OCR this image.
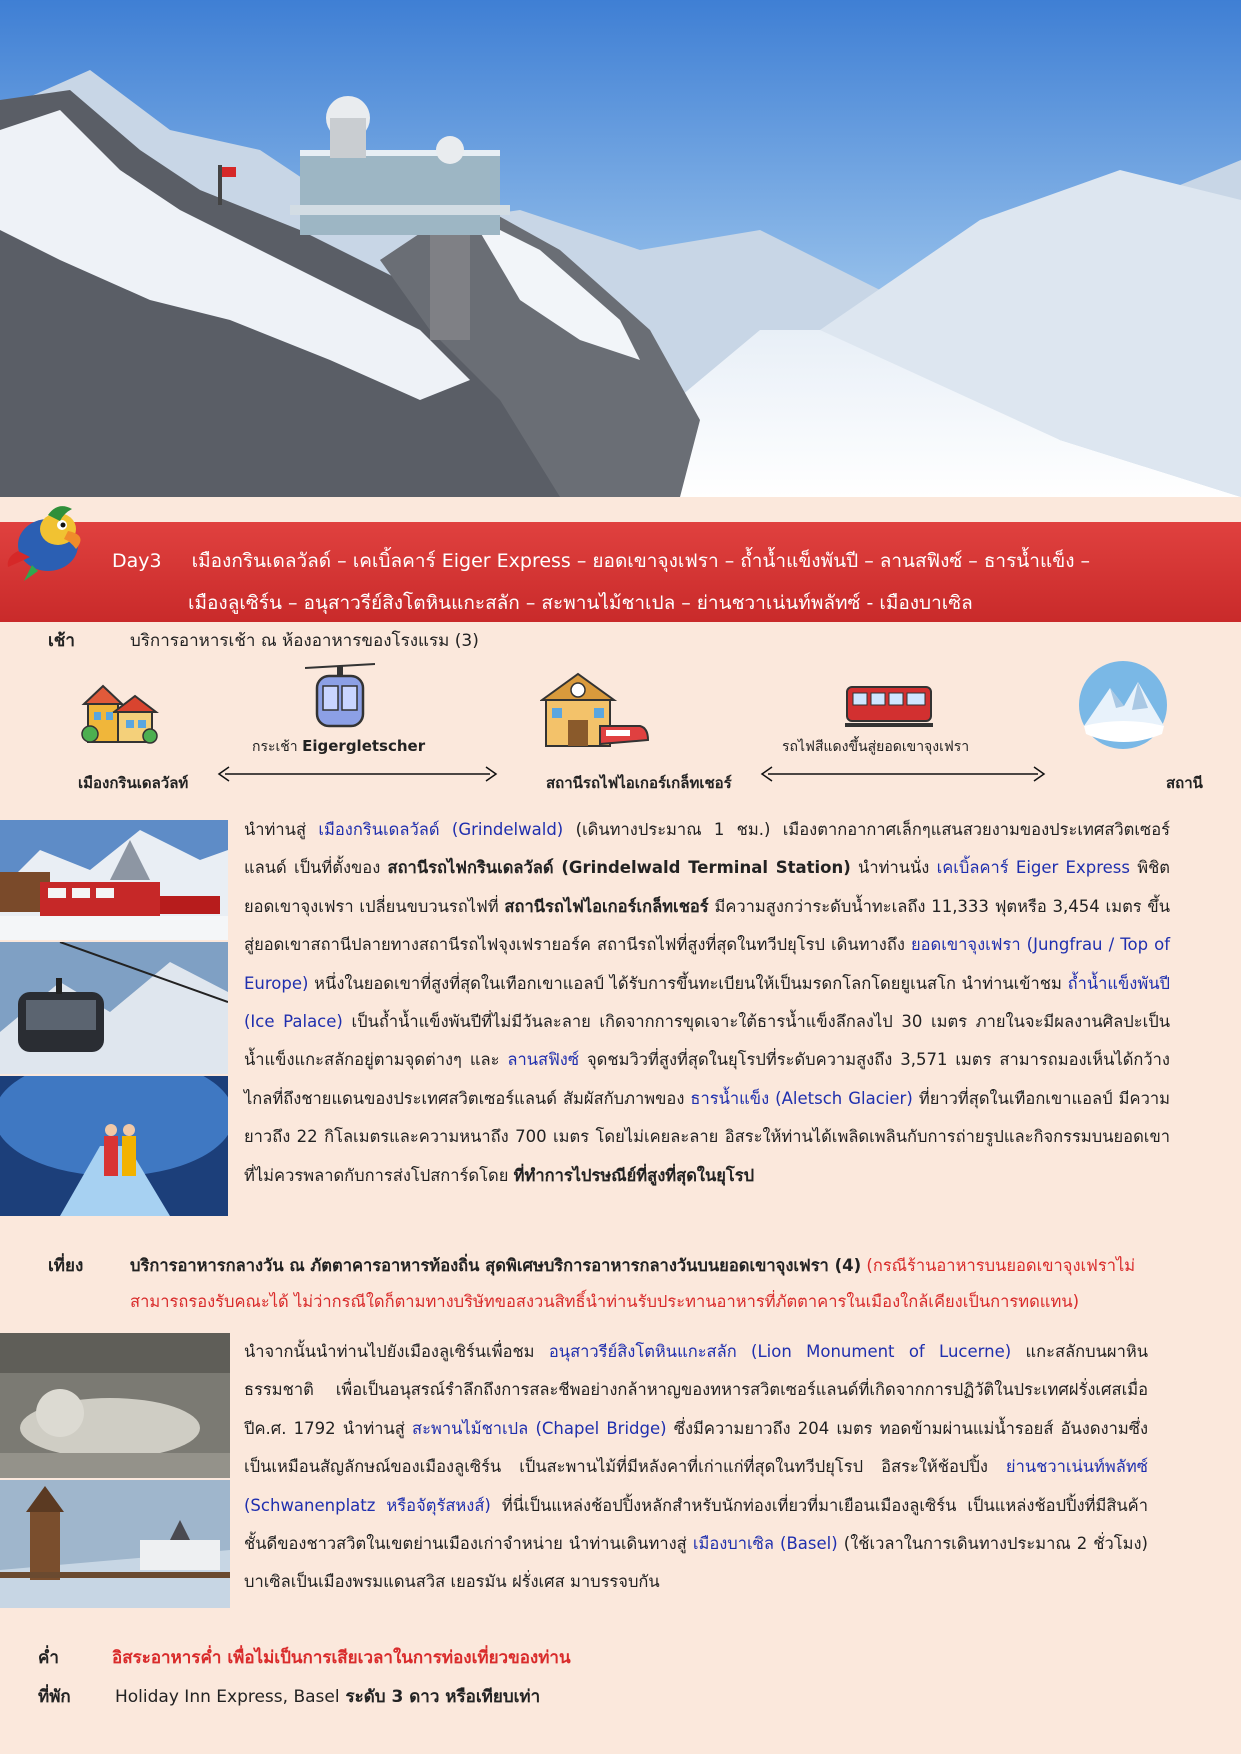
Day3 เมืองกรินเดลวัลด์ – เคเบิ้ลคาร์ Eiger Express – ยอดเขาจุงเฟรา – ถ้ำน้ำแข็งพันปี – ลานสฟิงซ์ – ธารน้ำแข็ง –
เมืองลูเซิร์น – อนุสาวรีย์สิงโตหินแกะสลัก – สะพานไม้ชาเปล – ย่านชวาเน่นท์พลัทซ์ - เมืองบาเซิล
เช้า	บริการอาหารเช้า ณ ห้องอาหารของโรงแรม (3)
กระเช้า Eigergletscher	รถไฟสีแดงขึ้นสู่ยอดเขาจุงเฟรา
เมืองกรินเดลวัลท์	สถานีรถไฟไอเกอร์เกล็ทเชอร์	สถานี
นำท่านสู่ เมืองกรินเดลวัลด์ (Grindelwald) (เดินทางประมาณ 1 ชม.) เมืองตากอากาศเล็กๆแสนสวยงามของประเทศสวิตเซอร์แลนด์ เป็นที่ตั้งของ สถานีรถไฟกรินเดลวัลด์ (Grindelwald Terminal Station) นำท่านนั่ง เคเบิ้ลคาร์ Eiger Express พิชิตยอดเขาจุงเฟรา เปลี่ยนขบวนรถไฟที่ สถานีรถไฟไอเกอร์เกล็ทเชอร์ มีความสูงกว่าระดับน้ำทะเลถึง 11,333 ฟุตหรือ 3,454 เมตร ขึ้นสู่ยอดเขาสถานีปลายทางสถานีรถไฟจุงเฟรายอร์ค สถานีรถไฟที่สูงที่สุดในทวีปยุโรป เดินทางถึง ยอดเขาจุงเฟรา (Jungfrau / Top of Europe) หนึ่งในยอดเขาที่สูงที่สุดในเทือกเขาแอลป์ ได้รับการขึ้นทะเบียนให้เป็นมรดกโลกโดยยูเนสโก นำท่านเข้าชม ถ้ำน้ำแข็งพันปี (Ice Palace) เป็นถ้ำน้ำแข็งพันปีที่ไม่มีวันละลาย เกิดจากการขุดเจาะใต้ธารน้ำแข็งลึกลงไป 30 เมตร ภายในจะมีผลงานศิลปะเป็นน้ำแข็งแกะสลักอยู่ตามจุดต่างๆ และ ลานสฟิงซ์ จุดชมวิวที่สูงที่สุดในยุโรปที่ระดับความสูงถึง 3,571 เมตร สามารถมองเห็นได้กว้างไกลที่ถึงชายแดนของประเทศสวิตเซอร์แลนด์ สัมผัสกับภาพของ ธารน้ำแข็ง (Aletsch Glacier) ที่ยาวที่สุดในเทือกเขาแอลป์ มีความยาวถึง 22 กิโลเมตรและความหนาถึง 700 เมตร โดยไม่เคยละลาย อิสระให้ท่านได้เพลิดเพลินกับการถ่ายรูปและกิจกรรมบนยอดเขาที่ไม่ควรพลาดกับการส่งโปสการ์ดโดย ที่ทำการไปรษณีย์ที่สูงที่สุดในยุโรป
เที่ยง	บริการอาหารกลางวัน ณ ภัตตาคารอาหารท้องถิ่น สุดพิเศษบริการอาหารกลางวันบนยอดเขาจุงเฟรา (4) (กรณีร้านอาหารบนยอดเขาจุงเฟราไม่สามารถรองรับคณะได้ ไม่ว่ากรณีใดก็ตามทางบริษัทขอสงวนสิทธิ์นำท่านรับประทานอาหารที่ภัตตาคารในเมืองใกล้เคียงเป็นการทดแทน)
นำจากนั้นนำท่านไปยังเมืองลูเซิร์นเพื่อชม อนุสาวรีย์สิงโตหินแกะสลัก (Lion Monument of Lucerne) แกะสลักบนผาหินธรรมชาติ เพื่อเป็นอนุสรณ์รำลึกถึงการสละชีพอย่างกล้าหาญของทหารสวิตเซอร์แลนด์ที่เกิดจากการปฏิวัติในประเทศฝรั่งเศสเมื่อปีค.ศ. 1792 นำท่านสู่ สะพานไม้ชาเปล (Chapel Bridge) ซึ่งมีความยาวถึง 204 เมตร ทอดข้ามผ่านแม่น้ำรอยส์ อันงดงามซึ่งเป็นเหมือนสัญลักษณ์ของเมืองลูเซิร์น เป็นสะพานไม้ที่มีหลังคาที่เก่าแก่ที่สุดในทวีปยุโรป อิสระให้ช้อปปิ้ง ย่านชวาเน่นท์พลัทซ์ (Schwanenplatz หรือจัตุรัสหงส์) ที่นี่เป็นแหล่งช้อปปิ้งหลักสำหรับนักท่องเที่ยวที่มาเยือนเมืองลูเซิร์น เป็นแหล่งช้อปปิ้งที่มีสินค้าชั้นดีของชาวสวิตในเขตย่านเมืองเก่าจำหน่าย นำท่านเดินทางสู่ เมืองบาเซิล (Basel) (ใช้เวลาในการเดินทางประมาณ 2 ชั่วโมง) บาเซิลเป็นเมืองพรมแดนสวิส เยอรมัน ฝรั่งเศส มาบรรจบกัน
ค่ำ	อิสระอาหารค่ำ เพื่อไม่เป็นการเสียเวลาในการท่องเที่ยวของท่าน
ที่พัก	Holiday Inn Express, Basel ระดับ 3 ดาว หรือเทียบเท่า
